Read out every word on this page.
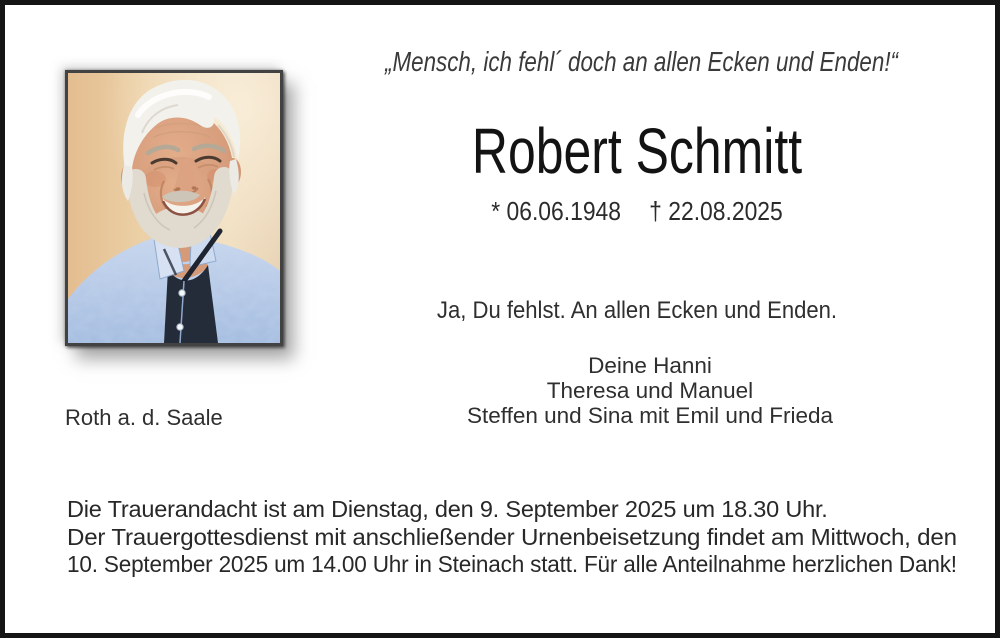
„Mensch, ich fehl´ doch an allen Ecken und Enden!“
Robert Schmitt
* 06.06.1948 † 22.08.2025
Ja, Du fehlst. An allen Ecken und Enden.
Deine Hanni
Theresa und Manuel
Steffen und Sina mit Emil und Frieda
Roth a. d. Saale
Die Trauerandacht ist am Dienstag, den 9. September 2025 um 18.30 Uhr.
Der Trauergottesdienst mit anschließender Urnenbeisetzung findet am Mittwoch, den
10. September 2025 um 14.00 Uhr in Steinach statt. Für alle Anteilnahme herzlichen Dank!
